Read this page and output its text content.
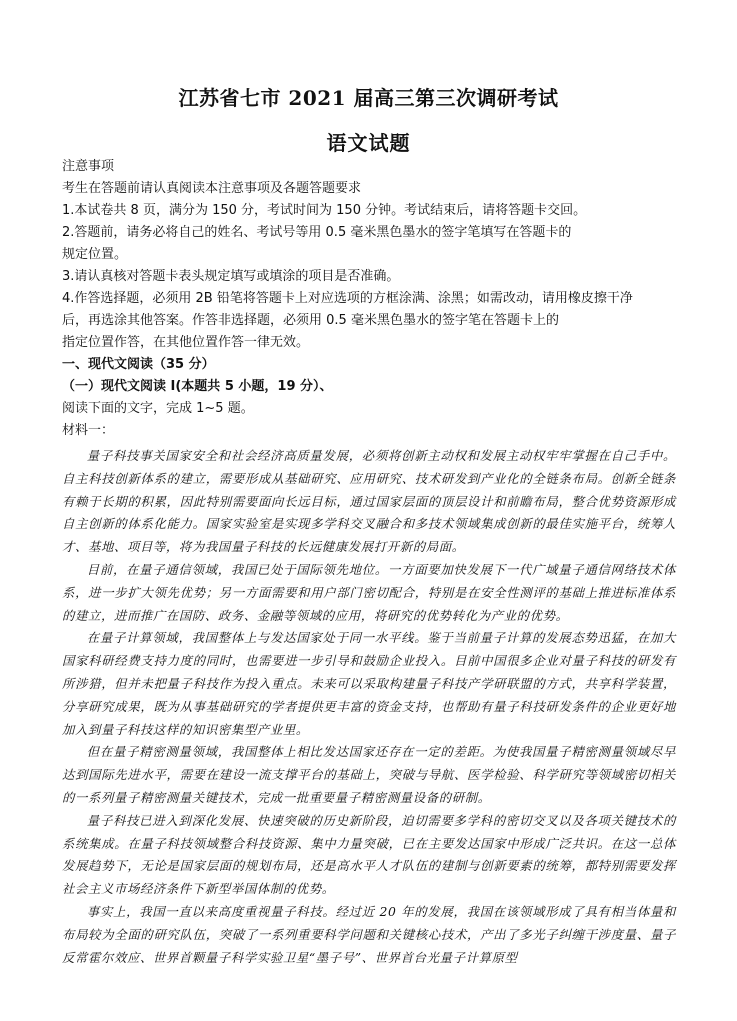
江苏省七市 2021 届高三第三次调研考试
语文试题
注意事项
考生在答题前请认真阅读本注意事项及各题答题要求
1.本试卷共 8 页，满分为 150 分，考试时间为 150 分钟。考试结束后，请将答题卡交回。
2.答题前，请务必将自己的姓名、考试号等用 0.5 毫米黑色墨水的签字笔填写在答题卡的
规定位置。
3.请认真核对答题卡表头规定填写或填涂的项目是否准确。
4.作答选择题，必须用 2B 铅笔将答题卡上对应选项的方框涂满、涂黑；如需改动，请用橡皮擦干净
后，再选涂其他答案。作答非选择题，必须用 0.5 毫米黑色墨水的签字笔在答题卡上的
指定位置作答，在其他位置作答一律无效。
一、现代文阅读（35 分）
（一）现代文阅读 I(本题共 5 小题，19 分）、
阅读下面的文字，完成 1~5 题。
材料一：

量子科技事关国家安全和社会经济高质量发展，必须将创新主动权和发展主动权牢牢掌握在自己手中。自主科技创新体系的建立，需要形成从基础研究、应用研究、技术研发到产业化的全链条布局。创新全链条有赖于长期的积累，因此特别需要面向长远目标，通过国家层面的顶层设计和前瞻布局，整合优势资源形成自主创新的体系化能力。国家实验室是实现多学科交叉融合和多技术领域集成创新的最佳实施平台，统筹人才、基地、项目等，将为我国量子科技的长远健康发展打开新的局面。

目前，在量子通信领域，我国已处于国际领先地位。一方面要加快发展下一代广域量子通信网络技术体系，进一步扩大领先优势；另一方面需要和用户部门密切配合，特别是在安全性测评的基础上推进标准体系的建立，进而推广在国防、政务、金融等领域的应用，将研究的优势转化为产业的优势。

在量子计算领域，我国整体上与发达国家处于同一水平线。鉴于当前量子计算的发展态势迅猛，在加大国家科研经费支持力度的同时，也需要进一步引导和鼓励企业投入。目前中国很多企业对量子科技的研发有所涉猎，但并未把量子科技作为投入重点。未来可以采取构建量子科技产学研联盟的方式，共享科学装置，分享研究成果，既为从事基础研究的学者提供更丰富的资金支持，也帮助有量子科技研发条件的企业更好地加入到量子科技这样的知识密集型产业里。

但在量子精密测量领域，我国整体上相比发达国家还存在一定的差距。为使我国量子精密测量领域尽早达到国际先进水平，需要在建设一流支撑平台的基础上，突破与导航、医学检验、科学研究等领域密切相关的一系列量子精密测量关键技术，完成一批重要量子精密测量设备的研制。

量子科技已进入到深化发展、快速突破的历史新阶段，迫切需要多学科的密切交叉以及各项关键技术的系统集成。在量子科技领域整合科技资源、集中力量突破，已在主要发达国家中形成广泛共识。在这一总体发展趋势下，无论是国家层面的规划布局，还是高水平人才队伍的建制与创新要素的统筹，都特别需要发挥社会主义市场经济条件下新型举国体制的优势。

事实上，我国一直以来高度重视量子科技。经过近 20 年的发展，我国在该领域形成了具有相当体量和布局较为全面的研究队伍，突破了一系列重要科学问题和关键核心技术，产出了多光子纠缠干涉度量、量子反常霍尔效应、世界首颗量子科学实验卫星“墨子号”、世界首台光量子计算原型
